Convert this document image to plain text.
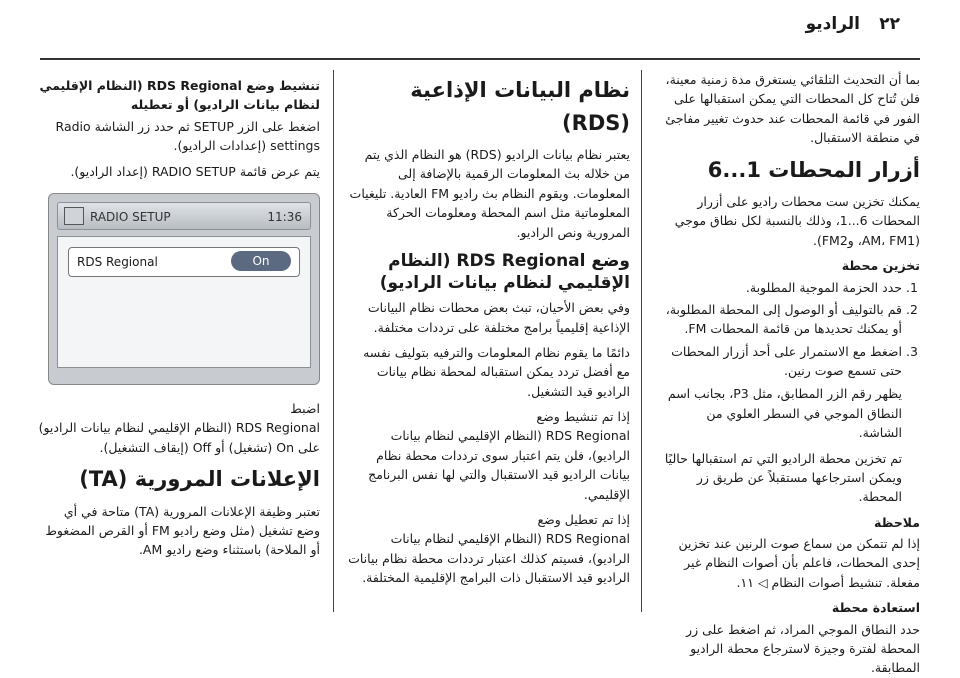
٢٢
الراديو

بما أن التحديث التلقائي يستغرق مدة زمنية معينة، فلن تُتاح كل المحطات التي يمكن استقبالها على الفور في قائمة المحطات عند حدوث تغيير مفاجئ في منطقة الاستقبال.

أزرار المحطات 1...6

يمكنك تخزين ست محطات راديو على أزرار المحطات 6...1، وذلك بالنسبة لكل نطاق موجي (AM، FM1، وFM2).

تخزين محطة
1. حدد الحزمة الموجية المطلوبة.
2. قم بالتوليف أو الوصول إلى المحطة المطلوبة، أو يمكنك تحديدها من قائمة المحطات FM.
3. اضغط مع الاستمرار على أحد أزرار المحطات حتى تسمع صوت رنين.

يظهر رقم الزر المطابق، مثل P3، بجانب اسم النطاق الموجي في السطر العلوي من الشاشة.

تم تخزين محطة الراديو التي تم استقبالها حاليًا ويمكن استرجاعها مستقبلاً عن طريق زر المحطة.

ملاحظة

إذا لم تتمكن من سماع صوت الرنين عند تخزين إحدى المحطات، فاعلم بأن أصوات النظام غير مفعلة. تنشيط أصوات النظام ◁ ١١.

استعادة محطة

حدد النطاق الموجي المراد، ثم اضغط على زر المحطة لفترة وجيزة لاسترجاع محطة الراديو المطابقة.

نظام البيانات الإذاعية (RDS)

يعتبر نظام بيانات الراديو (RDS) هو النظام الذي يتم من خلاله بث المعلومات الرقمية بالإضافة إلى المعلومات. ويقوم النظام بث راديو FM العادية. تليغيات المعلوماتية مثل اسم المحطة ومعلومات الحركة المرورية ونص الراديو.

وضع RDS Regional (النظام الإقليمي لنظام بيانات الراديو)

وفي بعض الأحيان، تبث بعض محطات نظام البيانات الإذاعية إقليمياً برامج مختلفة على ترددات مختلفة.

دائمًا ما يقوم نظام المعلومات والترفيه بتوليف نفسه مع أفضل تردد يمكن استقباله لمحطة نظام بيانات الراديو قيد التشغيل.

إذا تم تنشيط وضع

RDS Regional (النظام الإقليمي لنظام بيانات الراديو)، فلن يتم اعتبار سوى ترددات محطة نظام بيانات الراديو قيد الاستقبال والتي لها نفس البرنامج الإقليمي.

إذا تم تعطيل وضع

RDS Regional (النظام الإقليمي لنظام بيانات الراديو)، فسيتم كذلك اعتبار ترددات محطة نظام بيانات الراديو قيد الاستقبال ذات البرامج الإقليمية المختلفة.

تنشيط وضع RDS Regional (النظام الإقليمي لنظام بيانات الراديو) أو تعطيله

اضغط على الزر SETUP ثم حدد زر الشاشة Radio settings (إعدادات الراديو).

يتم عرض قائمة RADIO SETUP (إعداد الراديو).

RADIO SETUP	11:36
RDS Regional	On

اضبط

RDS Regional (النظام الإقليمي لنظام بيانات الراديو) على On (تشغيل) أو Off (إيقاف التشغيل).

الإعلانات المرورية (TA)

تعتبر وظيفة الإعلانات المرورية (TA) متاحة في أي وضع تشغيل (مثل وضع راديو FM أو القرص المضغوط أو الملاحة) باستثناء وضع راديو AM.
